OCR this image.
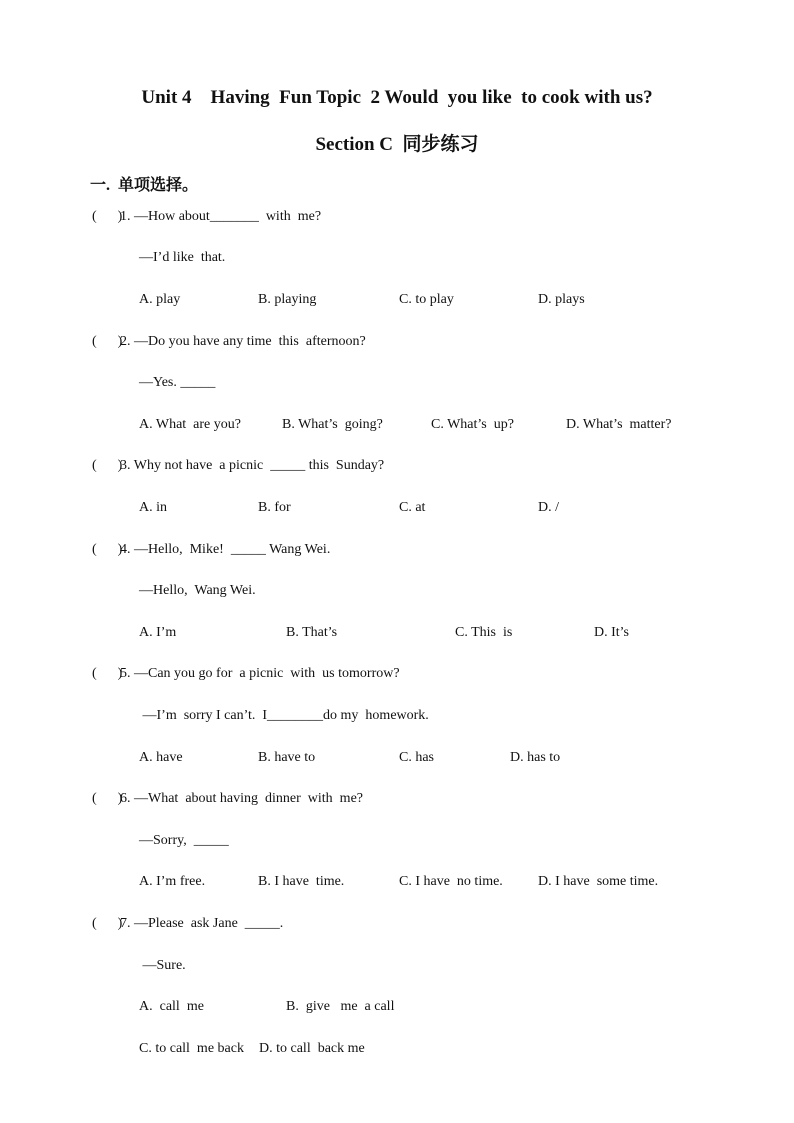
Unit 4    Having  Fun Topic  2 Would  you like  to cook with us?
Section C  同步练习
一.  单项选择。
(      )
1. —How about_______  with  me?
—I’d like  that.
A. play	B. playing	C. to play	D. plays
(      )
2. —Do you have any time  this  afternoon?
—Yes. _____
A. What  are you?	B. What’s  going?	C. What’s  up?	D. What’s  matter?
(      )
3. Why not have  a picnic  _____ this  Sunday?
A. in	B. for	C. at	D. /
(      )
4. —Hello,  Mike!  _____ Wang Wei.
—Hello,  Wang Wei.
A. I’m	B. That’s	C. This  is	D. It’s
(      )
5. —Can you go for  a picnic  with  us tomorrow?
—I’m  sorry I can’t.  I________do my  homework.
A. have	B. have to	C. has	D. has to
(      )
6. —What  about having  dinner  with  me?
—Sorry,  _____
A. I’m free.	B. I have  time.	C. I have  no time.	D. I have  some time.
(      )
7. —Please  ask Jane  _____.
—Sure.
A.  call  me	B.  give   me  a call
C. to call  me back D. to call  back me
